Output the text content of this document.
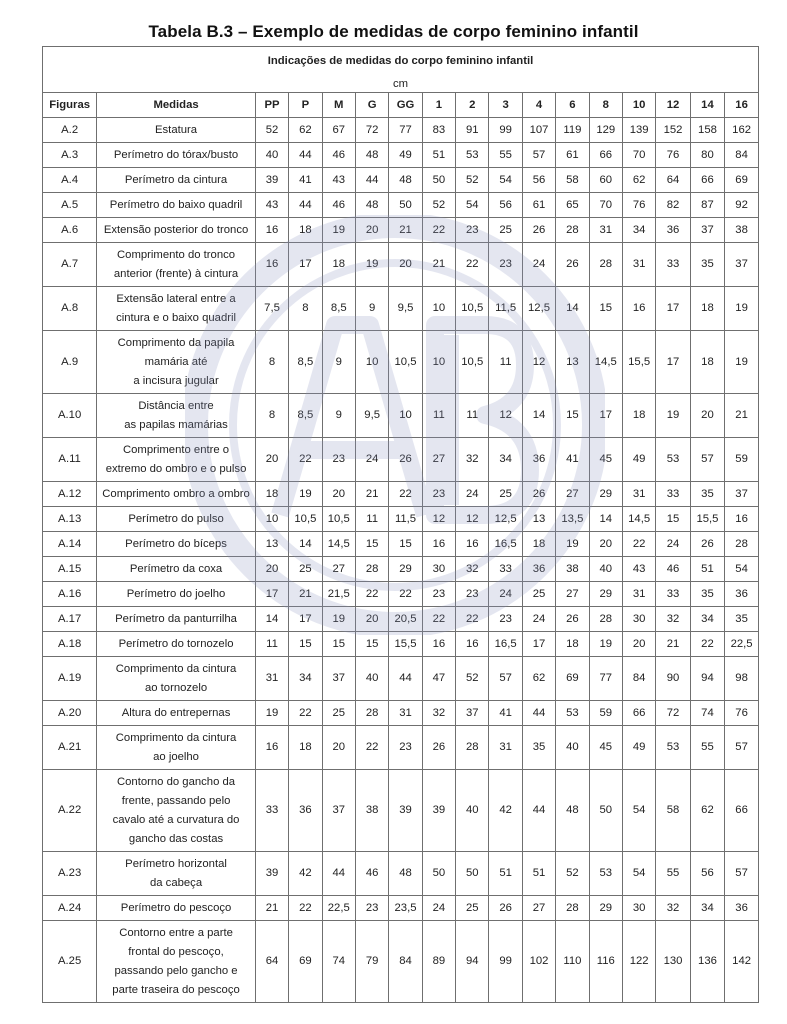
Tabela B.3 – Exemplo de medidas de corpo feminino infantil
Indicações de medidas do corpo feminino infantil																
cm																
Figuras	Medidas	PP	P	M	G	GG	1	2	3	4	6	8	10	12	14	16
A.2	Estatura	52	62	67	72	77	83	91	99	107	119	129	139	152	158	162
A.3	Perímetro do tórax/busto	40	44	46	48	49	51	53	55	57	61	66	70	76	80	84
A.4	Perímetro da cintura	39	41	43	44	48	50	52	54	56	58	60	62	64	66	69
A.5	Perímetro do baixo quadril	43	44	46	48	50	52	54	56	61	65	70	76	82	87	92
A.6	Extensão posterior do tronco	16	18	19	20	21	22	23	25	26	28	31	34	36	37	38
A.7	Comprimento do tronco
anterior (frente) à cintura	16	17	18	19	20	21	22	23	24	26	28	31	33	35	37
A.8	Extensão lateral entre a
cintura e o baixo quadril	7,5	8	8,5	9	9,5	10	10,5	11,5	12,5	14	15	16	17	18	19
A.9	Comprimento da papila
mamária até
a incisura jugular	8	8,5	9	10	10,5	10	10,5	11	12	13	14,5	15,5	17	18	19
A.10	Distância entre
as papilas mamárias	8	8,5	9	9,5	10	11	11	12	14	15	17	18	19	20	21
A.11	Comprimento entre o
extremo do ombro e o pulso	20	22	23	24	26	27	32	34	36	41	45	49	53	57	59
A.12	Comprimento ombro a ombro	18	19	20	21	22	23	24	25	26	27	29	31	33	35	37
A.13	Perímetro do pulso	10	10,5	10,5	11	11,5	12	12	12,5	13	13,5	14	14,5	15	15,5	16
A.14	Perímetro do bíceps	13	14	14,5	15	15	16	16	16,5	18	19	20	22	24	26	28
A.15	Perímetro da coxa	20	25	27	28	29	30	32	33	36	38	40	43	46	51	54
A.16	Perímetro do joelho	17	21	21,5	22	22	23	23	24	25	27	29	31	33	35	36
A.17	Perímetro da panturrilha	14	17	19	20	20,5	22	22	23	24	26	28	30	32	34	35
A.18	Perímetro do tornozelo	11	15	15	15	15,5	16	16	16,5	17	18	19	20	21	22	22,5
A.19	Comprimento da cintura
ao tornozelo	31	34	37	40	44	47	52	57	62	69	77	84	90	94	98
A.20	Altura do entrepernas	19	22	25	28	31	32	37	41	44	53	59	66	72	74	76
A.21	Comprimento da cintura
ao joelho	16	18	20	22	23	26	28	31	35	40	45	49	53	55	57
A.22	Contorno do gancho da
frente, passando pelo
cavalo até a curvatura do
gancho das costas	33	36	37	38	39	39	40	42	44	48	50	54	58	62	66
A.23	Perímetro horizontal
da cabeça	39	42	44	46	48	50	50	51	51	52	53	54	55	56	57
A.24	Perímetro do pescoço	21	22	22,5	23	23,5	24	25	26	27	28	29	30	32	34	36
A.25	Contorno entre a parte
frontal do pescoço,
passando pelo gancho e
parte traseira do pescoço	64	69	74	79	84	89	94	99	102	110	116	122	130	136	142
